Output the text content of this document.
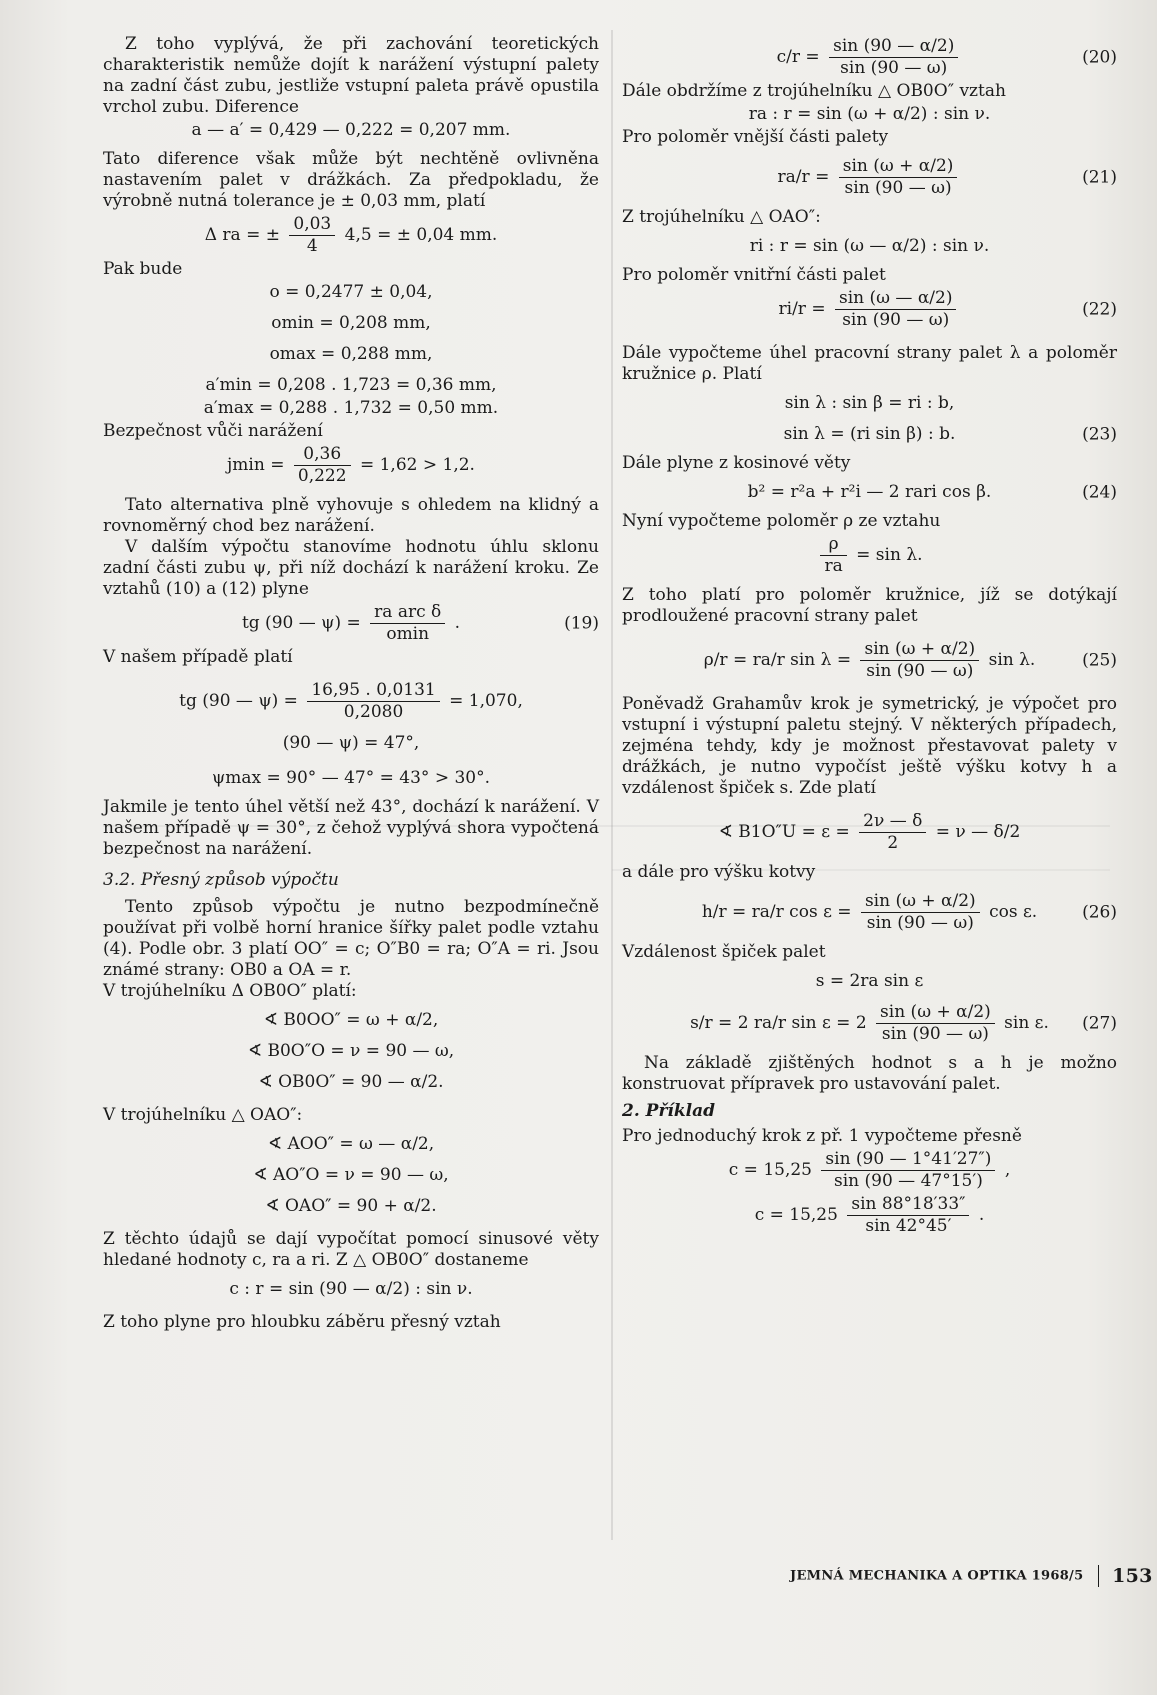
Z toho vyplývá, že při zachování teoretických charakteristik nemůže dojít k narážení výstupní palety na zadní část zubu, jestliže vstupní paleta právě opustila vrchol zubu. Diference

a — a′ = 0,429 — 0,222 = 0,207 mm.

Tato diference však může být nechtěně ovlivněna nastavením palet v drážkách. Za předpokladu, že výrobně nutná tolerance je ± 0,03 mm, platí

Δ ra = ± $\frac{0,03}{4} 4,5$ = ± 0,04 mm.

Pak bude

o = 0,2477 ± 0,04,
omin = 0,208 mm,
omax = 0,288 mm,
a′min = 0,208 . 1,723 = 0,36 mm,
a′max = 0,288 . 1,732 = 0,50 mm.

Bezpečnost vůči narážení

$jmin = \frac{0,36}{0,222} = 1,62 > 1,2$.

Tato alternativa plně vyhovuje s ohledem na klidný a rovnoměrný chod bez narážení.

V dalším výpočtu stanovíme hodnotu úhlu sklonu zadní části zubu ψ, při níž dochází k narážení kroku. Ze vztahů (10) a (12) plyne

tg (90 — $\psi) = \frac{\text{ra arc δ}}{omin}$ .	(19)

V našem případě platí

tg (90 — $\psi) = \frac{16,95 . 0,0131}{0,2080} = 1,070$,
(90 — ψ) = 47°,
ψmax = 90° — 47° = 43° > 30°.

Jakmile je tento úhel větší než 43°, dochází k narážení. V našem případě ψ = 30°, z čehož vyplývá shora vypočtená bezpečnost na narážení.

3.2. Přesný způsob výpočtu

Tento způsob výpočtu je nutno bezpodmínečně používat při volbě horní hranice šířky palet podle vztahu (4). Podle obr. 3 platí OO″ = c; O″B0 = ra; O″A = ri. Jsou známé strany: OB0 a OA = r.

V trojúhelníku Δ OB0O″ platí:

∢ B0OO″ = ω + α/2,
∢ B0O″O = ν = 90 — ω,
∢ OB0O″ = 90 — α/2.

V trojúhelníku △ OAO″:

∢ AOO″ = ω — α/2,
∢ AO″O = ν = 90 — ω,
∢ OAO″ = 90 + α/2.

Z těchto údajů se dají vypočítat pomocí sinusové věty hledané hodnoty c, ra a ri. Z △ OB0O″ dostaneme

c : r = sin (90 — α/2) : sin ν.

Z toho plyne pro hloubku záběru přesný vztah

$c/r = \frac{\sin (90 — \alpha/2)}{\sin (90 — \omega)}$	(20)

Dále obdržíme z trojúhelníku △ OB0O″ vztah

ra : r = sin (ω + α/2) : sin ν.

Pro poloměr vnější části palety

$ra/r = \frac{\sin (\omega + \alpha/2)}{\sin (90 — \omega)}$	(21)

Z trojúhelníku △ OAO″:

ri : r = sin (ω — α/2) : sin ν.

Pro poloměr vnitřní části palet

$ri/r = \frac{\sin (\omega — \alpha/2)}{\sin (90 — \omega)}$	(22)

Dále vypočteme úhel pracovní strany palet λ a poloměr kružnice ρ. Platí

sin λ : sin β = ri : b,
sin λ = (ri sin β) : b.	(23)

Dále plyne z kosinové věty

b² = r²a + r²i — 2 rari cos β.	(24)

Nyní vypočteme poloměr ρ ze vztahu

$\frac{\rho}{ra} = \sin \lambda$.

Z toho platí pro poloměr kružnice, jíž se dotýkají prodloužené pracovní strany palet

ρ/r = ra/r $\sin \lambda = \frac{\sin (\omega + \alpha/2)}{\sin (90 — \omega)}$ sin λ.	(25)

Poněvadž Grahamův krok je symetrický, je výpočet pro vstupní i výstupní paletu stejný. V některých případech, zejména tehdy, kdy je možnost přestavovat palety v drážkách, je nutno vypočíst ještě výšku kotvy h a vzdálenost špiček s. Zde platí

∢ $B1O''U = \varepsilon = \frac{2\nu — \delta}{2} = \nu$ — δ/2

a dále pro výšku kotvy

h/r = ra/r $\cos \varepsilon = \frac{\sin (\omega + \alpha/2)}{\sin (90 — \omega)}$ cos ε.	(26)

Vzdálenost špiček palet

s = 2ra sin ε
s/r = 2 ra/r $\sin \varepsilon = 2 \frac{\sin (\omega + \alpha/2)}{\sin (90 — \omega)}$ sin ε. (27)

Na základě zjištěných hodnot s a h je možno konstruovat přípravek pro ustavování palet.

2. Příklad

Pro jednoduchý krok z př. 1 vypočteme přesně

$c = 15,25 \frac{\sin (90 — 1^\circ 41'27'')}{\sin (90 — 47^\circ 15')}$ ,
$c = 15,25 \frac{\sin 88^\circ 18'33''}{\sin 42^\circ 45'}$ .
JEMNÁ MECHANIKA A OPTIKA 1968/5 153
